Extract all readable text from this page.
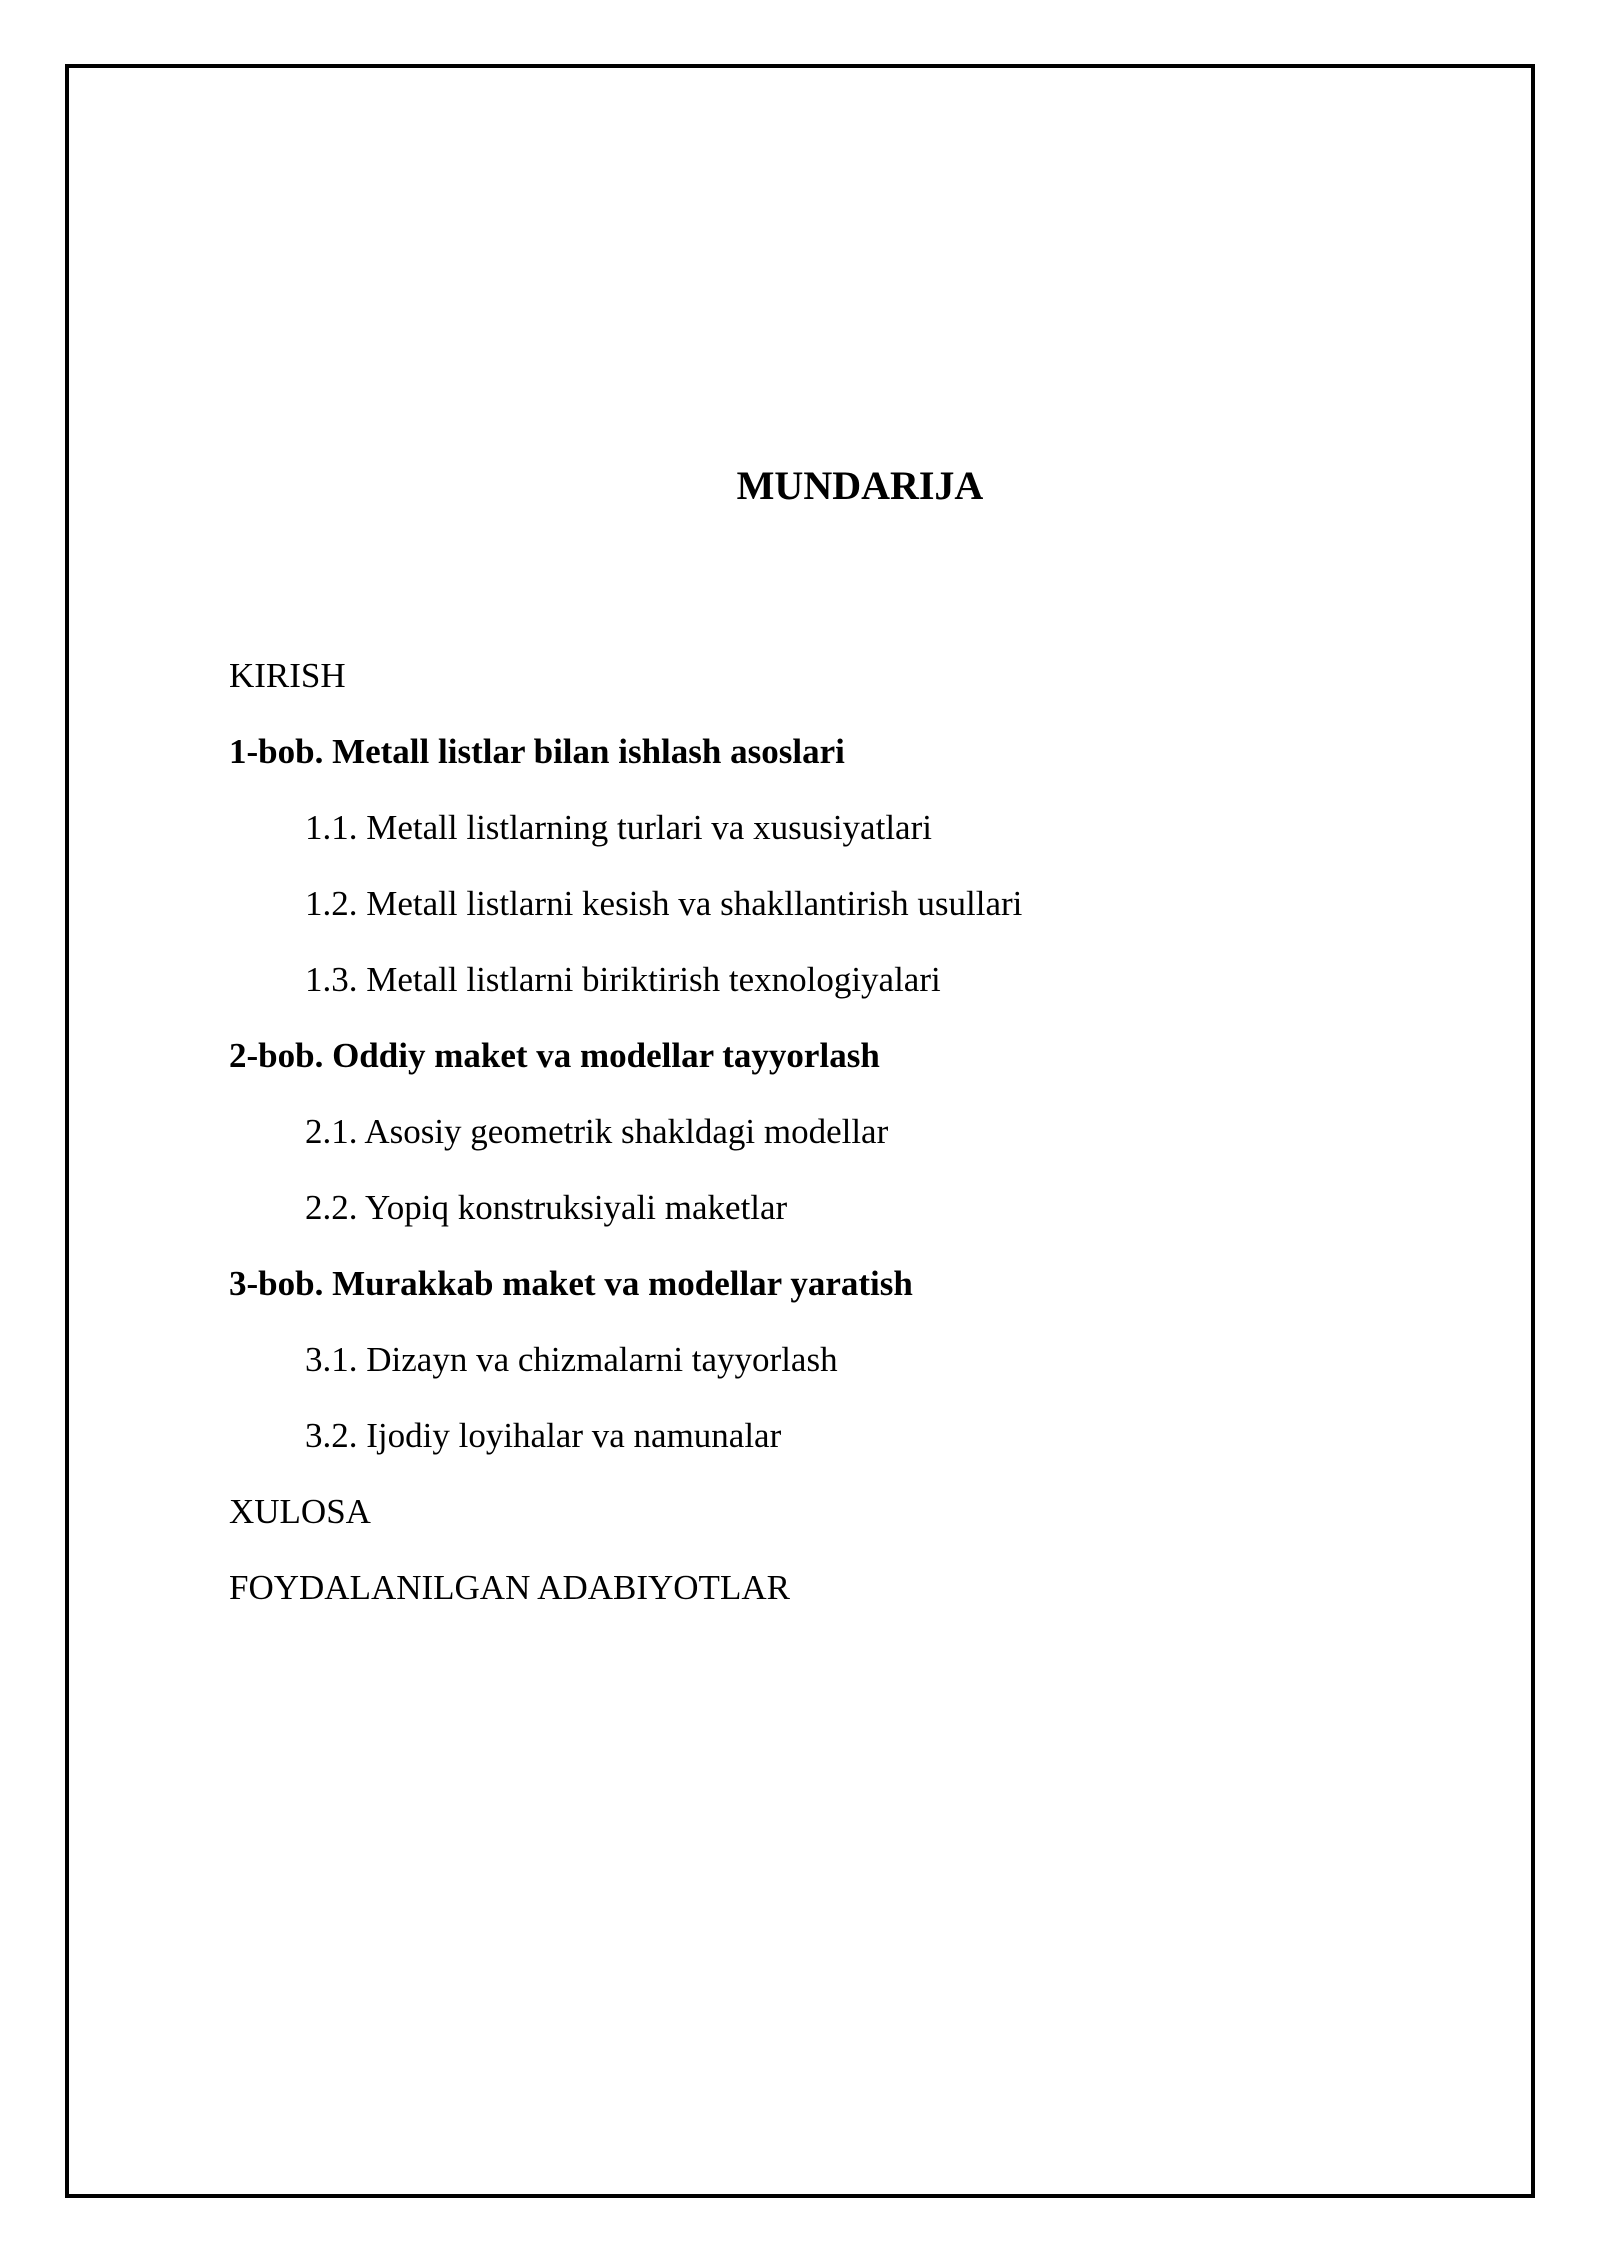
MUNDARIJA
KIRISH
1-bob. Metall listlar bilan ishlash asoslari
1.1. Metall listlarning turlari va xususiyatlari
1.2. Metall listlarni kesish va shakllantirish usullari
1.3. Metall listlarni biriktirish texnologiyalari
2-bob. Oddiy maket va modellar tayyorlash
2.1. Asosiy geometrik shakldagi modellar
2.2. Yopiq konstruksiyali maketlar
3-bob. Murakkab maket va modellar yaratish
3.1. Dizayn va chizmalarni tayyorlash
3.2. Ijodiy loyihalar va namunalar
XULOSA
FOYDALANILGAN ADABIYOTLAR
